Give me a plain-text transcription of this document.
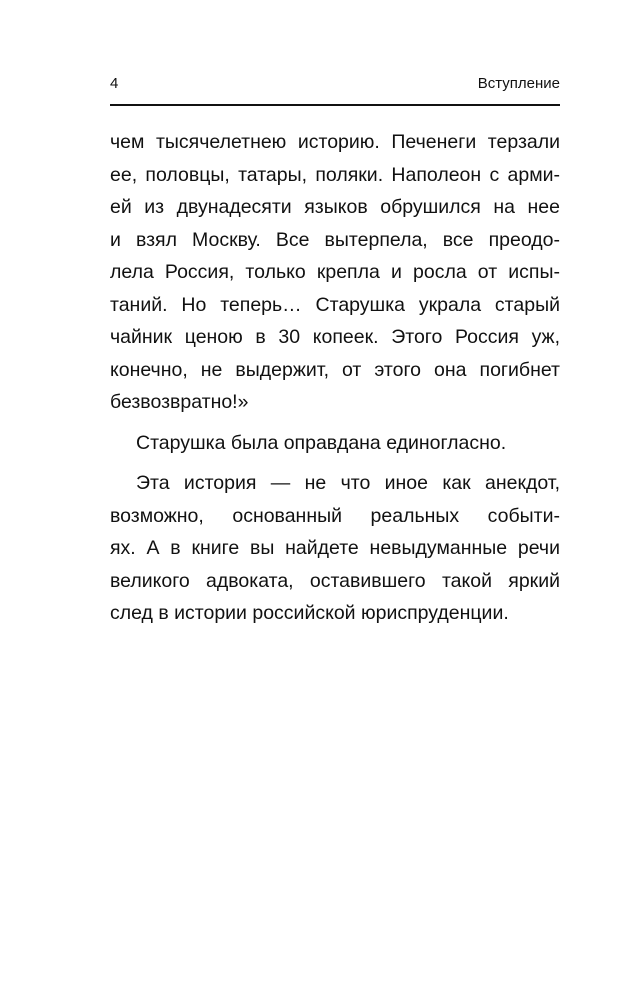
4	Вступление
чем тысячелетнею историю. Печенеги терзали
ее, половцы, татары, поляки. Наполеон с арми-
ей из двунадесяти языков обрушился на нее
и взял Москву. Все вытерпела, все преодо-
лела Россия, только крепла и росла от испы-
таний. Но теперь… Старушка украла старый
чайник ценою в 30 копеек. Этого Россия уж,
конечно, не выдержит, от этого она погибнет
безвозвратно!»
Старушка была оправдана единогласно.
Эта история — не что иное как анекдот,
возможно, основанный реальных событи-
ях. А в книге вы найдете невыдуманные речи
великого адвоката, оставившего такой яркий
след в истории российской юриспруденции.
